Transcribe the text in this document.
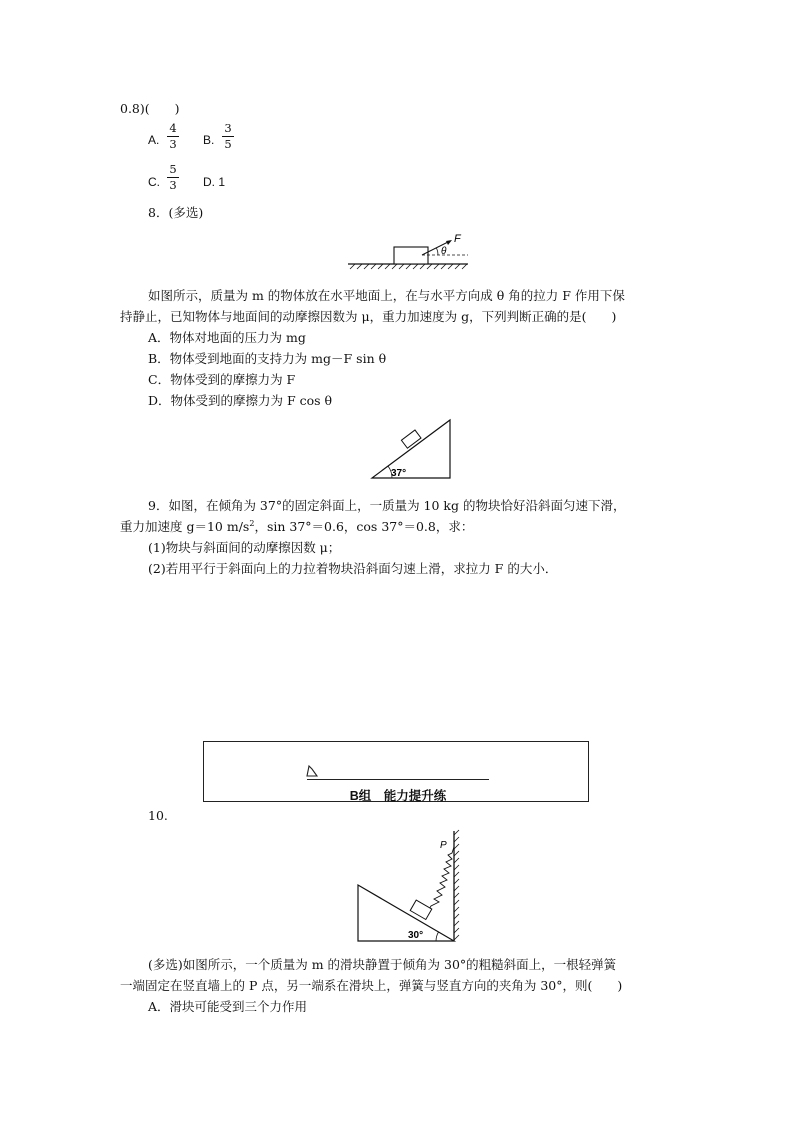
0.8)(　　)
A.
4
3 B.
3
5
C.
5
3 D. 1
8．(多选)
F
θ
如图所示，质量为 m 的物体放在水平地面上，在与水平方向成 θ 角的拉力 F 作用下保
持静止，已知物体与地面间的动摩擦因数为 μ，重力加速度为 g，下列判断正确的是(　　)
A．物体对地面的压力为 mg
B．物体受到地面的支持力为 mg－F sin θ
C．物体受到的摩擦力为 F
D．物体受到的摩擦力为 F cos θ
37°
9．如图，在倾角为 37°的固定斜面上，一质量为 10 kg 的物块恰好沿斜面匀速下滑，
重力加速度 g＝10 $m/s^2$，sin 37°＝0.6，cos 37°＝0.8，求：
(1)物块与斜面间的动摩擦因数 μ；
(2)若用平行于斜面向上的力拉着物块沿斜面匀速上滑，求拉力 F 的大小．
B组　能力提升练
10.
P
30°
(多选)如图所示，一个质量为 m 的滑块静置于倾角为 30°的粗糙斜面上，一根轻弹簧
一端固定在竖直墙上的 P 点，另一端系在滑块上，弹簧与竖直方向的夹角为 30°，则(　　)
A．滑块可能受到三个力作用
